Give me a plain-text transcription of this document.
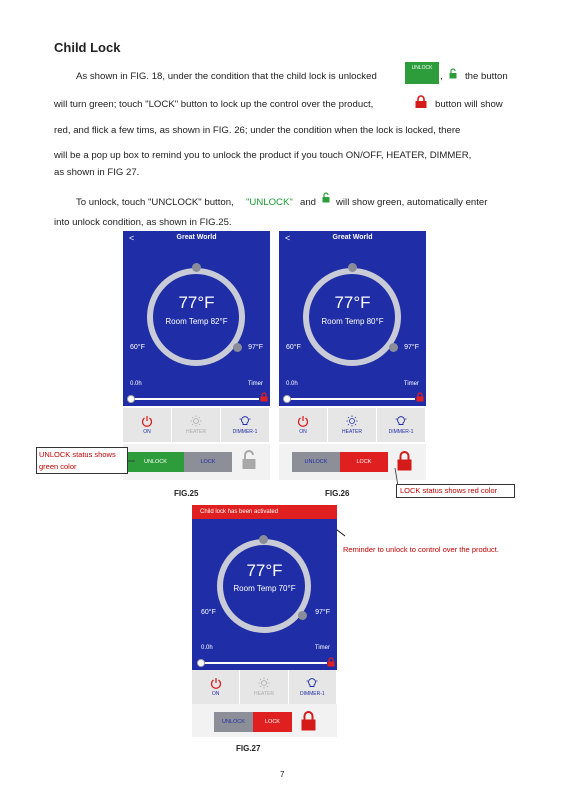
Child Lock
As shown in FIG. 18, under the condition that the child lock is unlocked
UNLOCK
, the button
will turn green; touch "LOCK" button to lock up the control over the product,	button will show
red, and flick a few tims, as shown in FIG. 26; under the condition when the lock is locked, there
will be a pop up box to remind you to unlock the product if you touch ON/OFF, HEATER, DIMMER,
as shown in FIG 27.
To unlock, touch "UNCLOCK" button, "UNLOCK" and will show green, automatically enter
into unlock condition, as shown in FIG.25.
<	Great World
77°F
Room Temp 82°F
60°F	97°F
0.0h	Timer
ON	HEATER	DIMMER-1
UNLOCK	LOCK
<	Great World
77°F
Room Temp 80°F
60°F	97°F
0.0h	Timer
ON	HEATER	DIMMER-1
UNLOCK	LOCK
UNLOCK status shows green color
FIG.25	FIG.26	LOCK status shows red color
77°F
Room Temp 70°F
60°F	97°F
0.0h	Timer
ON	HEATER	DIMMER-1
UNLOCK	LOCK
Child lock has been activated
Reminder to unlock to control over the product.
FIG.27
7
